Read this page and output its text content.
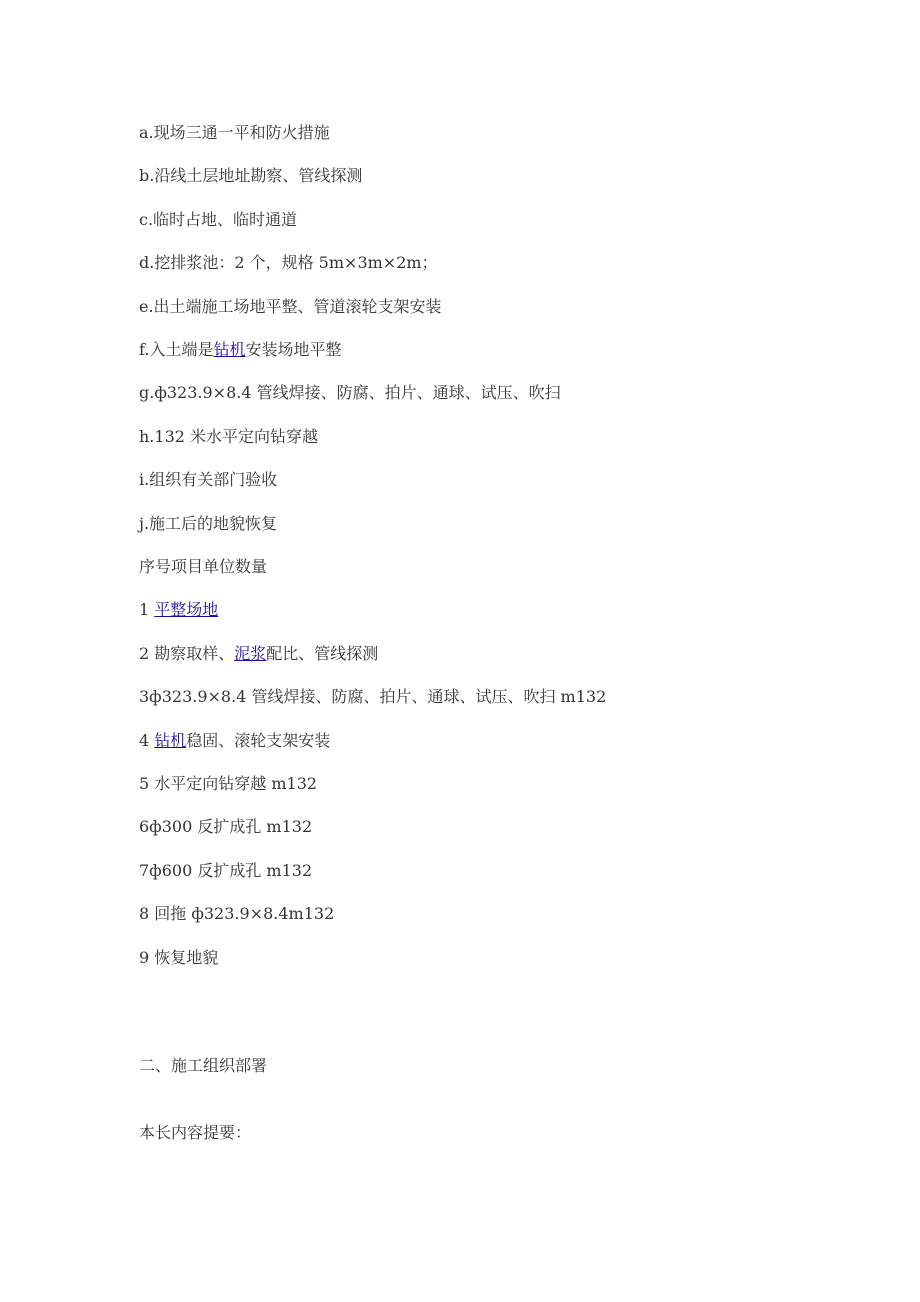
a.现场三通一平和防火措施
b.沿线土层地址勘察、管线探测
c.临时占地、临时通道
d.挖排浆池：2 个，规格 5m×3m×2m；
e.出土端施工场地平整、管道滚轮支架安装
f.入土端是钻机安装场地平整
g.ф323.9×8.4 管线焊接、防腐、拍片、通球、试压、吹扫
h.132 米水平定向钻穿越
i.组织有关部门验收
j.施工后的地貌恢复
序号项目单位数量
1 平整场地
2 勘察取样、泥浆配比、管线探测
3ф323.9×8.4 管线焊接、防腐、拍片、通球、试压、吹扫 m132
4 钻机稳固、滚轮支架安装
5 水平定向钻穿越 m132
6ф300 反扩成孔 m132
7ф600 反扩成孔 m132
8 回拖 ф323.9×8.4m132
9 恢复地貌
二、施工组织部署
本长内容提要：
